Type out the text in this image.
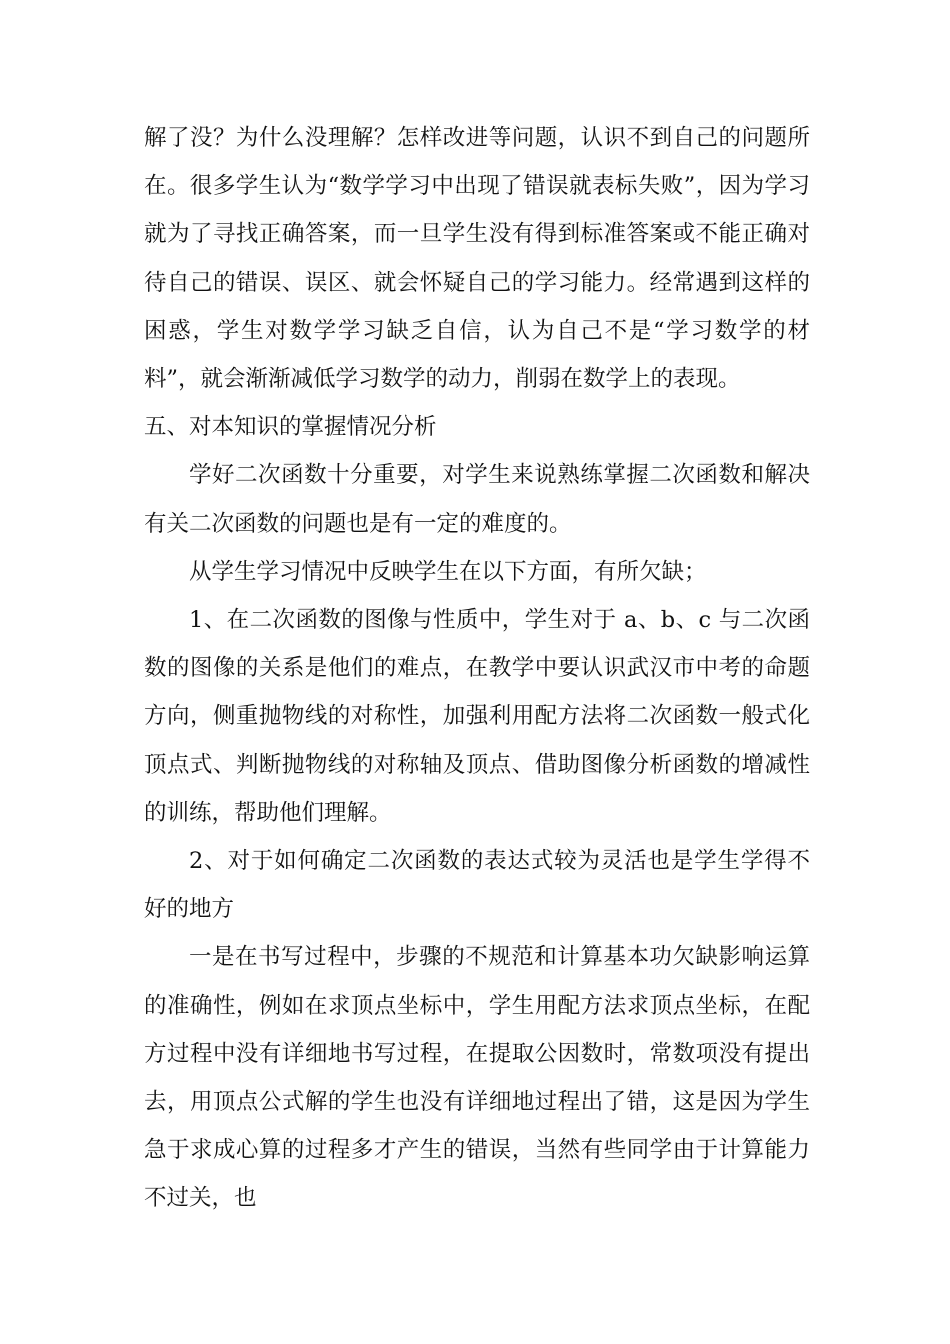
解了没？为什么没理解？怎样改进等问题，认识不到自己的问题所在。很多学生认为“数学学习中出现了错误就表标失败”，因为学习就为了寻找正确答案，而一旦学生没有得到标准答案或不能正确对待自己的错误、误区、就会怀疑自己的学习能力。经常遇到这样的困惑，学生对数学学习缺乏自信，认为自己不是“学习数学的材料”，就会渐渐减低学习数学的动力，削弱在数学上的表现。

五、对本知识的掌握情况分析

学好二次函数十分重要，对学生来说熟练掌握二次函数和解决有关二次函数的问题也是有一定的难度的。

从学生学习情况中反映学生在以下方面，有所欠缺；

1、在二次函数的图像与性质中，学生对于 a、b、c 与二次函数的图像的关系是他们的难点，在教学中要认识武汉市中考的命题方向，侧重抛物线的对称性，加强利用配方法将二次函数一般式化顶点式、判断抛物线的对称轴及顶点、借助图像分析函数的增减性的训练，帮助他们理解。

2、对于如何确定二次函数的表达式较为灵活也是学生学得不好的地方

一是在书写过程中，步骤的不规范和计算基本功欠缺影响运算的准确性，例如在求顶点坐标中，学生用配方法求顶点坐标，在配方过程中没有详细地书写过程，在提取公因数时，常数项没有提出去，用顶点公式解的学生也没有详细地过程出了错，这是因为学生急于求成心算的过程多才产生的错误，当然有些同学由于计算能力不过关，也
